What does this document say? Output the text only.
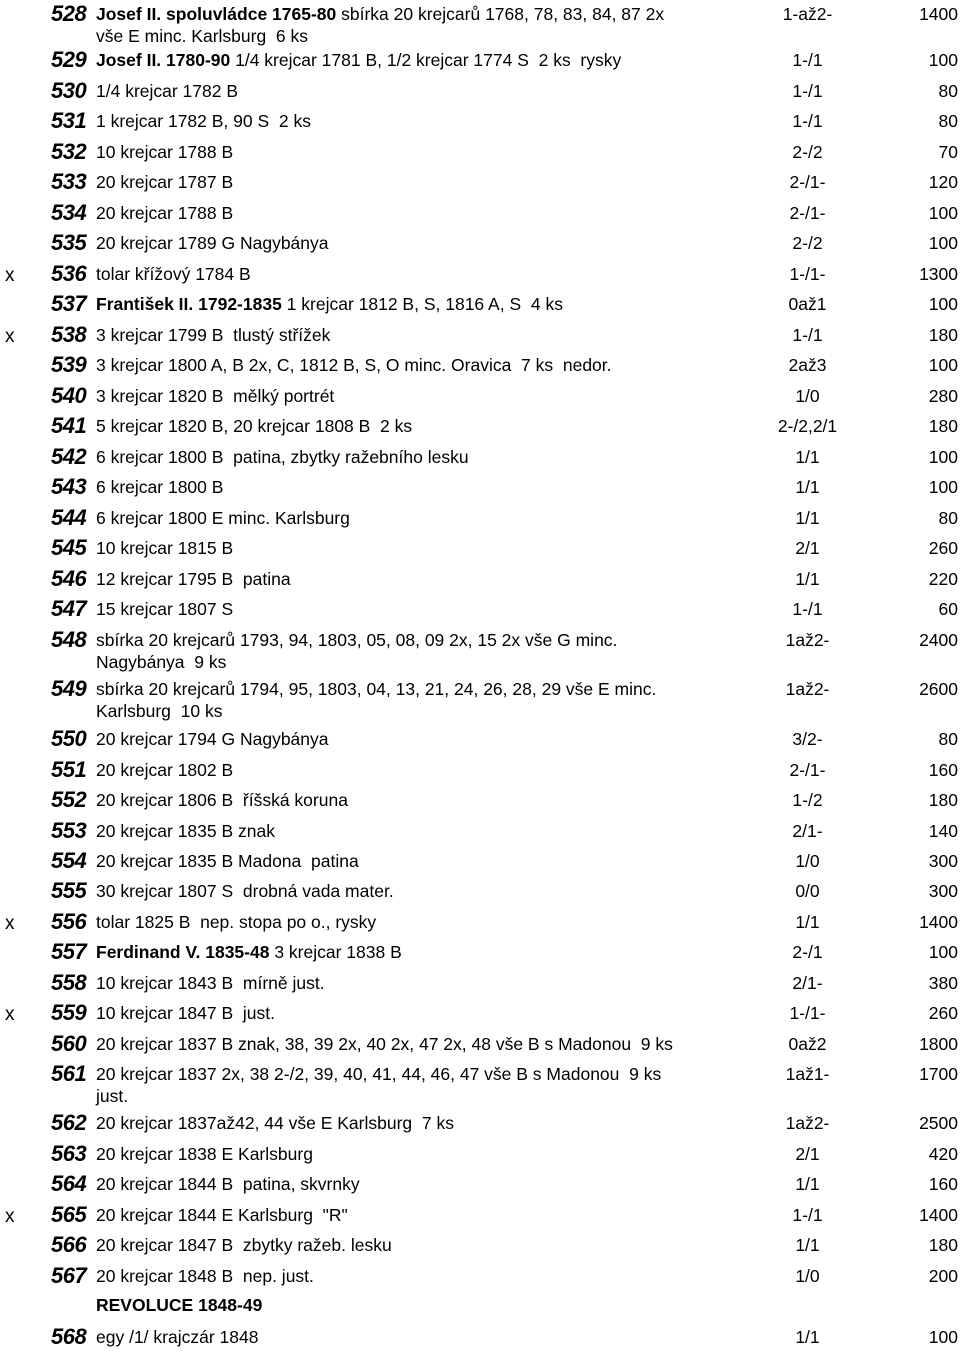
528 Josef II. spoluvládce 1765-80 sbírka 20 krejcarů 1768, 78, 83, 84, 87 2x
vše E minc. Karlsburg  6 ks
1-až2-	1400
529 Josef II. 1780-90 1/4 krejcar 1781 B, 1/2 krejcar 1774 S  2 ks  rysky	1-/1	100
530 1/4 krejcar 1782 B	1-/1	80
531 1 krejcar 1782 B, 90 S  2 ks	1-/1	80
532 10 krejcar 1788 B	2-/2	70
533 20 krejcar 1787 B	2-/1-	120
534 20 krejcar 1788 B	2-/1-	100
535 20 krejcar 1789 G Nagybánya	2-/2	100
x 536 tolar křížový 1784 B	1-/1-	1300
537 František II. 1792-1835 1 krejcar 1812 B, S, 1816 A, S  4 ks	0až1	100
x 538 3 krejcar 1799 B  tlustý střížek	1-/1	180
539 3 krejcar 1800 A, B 2x, C, 1812 B, S, O minc. Oravica  7 ks  nedor.	2až3	100
540 3 krejcar 1820 B  mělký portrét	1/0	280
541 5 krejcar 1820 B, 20 krejcar 1808 B  2 ks	2-/2,2/1	180
542 6 krejcar 1800 B  patina, zbytky ražebního lesku	1/1	100
543 6 krejcar 1800 B	1/1	100
544 6 krejcar 1800 E minc. Karlsburg	1/1	80
545 10 krejcar 1815 B	2/1	260
546 12 krejcar 1795 B  patina	1/1	220
547 15 krejcar 1807 S	1-/1	60
548 sbírka 20 krejcarů 1793, 94, 1803, 05, 08, 09 2x, 15 2x vše G minc.
Nagybánya  9 ks
1až2-	2400
549 sbírka 20 krejcarů 1794, 95, 1803, 04, 13, 21, 24, 26, 28, 29 vše E minc.
Karlsburg  10 ks
1až2-	2600
550 20 krejcar 1794 G Nagybánya	3/2-	80
551 20 krejcar 1802 B	2-/1-	160
552 20 krejcar 1806 B  říšská koruna	1-/2	180
553 20 krejcar 1835 B znak	2/1-	140
554 20 krejcar 1835 B Madona  patina	1/0	300
555 30 krejcar 1807 S  drobná vada mater.	0/0	300
x 556 tolar 1825 B  nep. stopa po o., rysky	1/1	1400
557 Ferdinand V. 1835-48 3 krejcar 1838 B	2-/1	100
558 10 krejcar 1843 B  mírně just.	2/1-	380
x 559 10 krejcar 1847 B  just.	1-/1-	260
560 20 krejcar 1837 B znak, 38, 39 2x, 40 2x, 47 2x, 48 vše B s Madonou  9 ks	0až2	1800
561 20 krejcar 1837 2x, 38 2-/2, 39, 40, 41, 44, 46, 47 vše B s Madonou  9 ks
just.
1až1-	1700
562 20 krejcar 1837až42, 44 vše E Karlsburg  7 ks	1až2-	2500
563 20 krejcar 1838 E Karlsburg	2/1	420
564 20 krejcar 1844 B  patina, skvrnky	1/1	160
x 565 20 krejcar 1844 E Karlsburg  "R"	1-/1	1400
566 20 krejcar 1847 B  zbytky ražeb. lesku	1/1	180
567 20 krejcar 1848 B  nep. just.	1/0	200
568 egy /1/ krajczár 1848	1/1	100
REVOLUCE 1848-49
